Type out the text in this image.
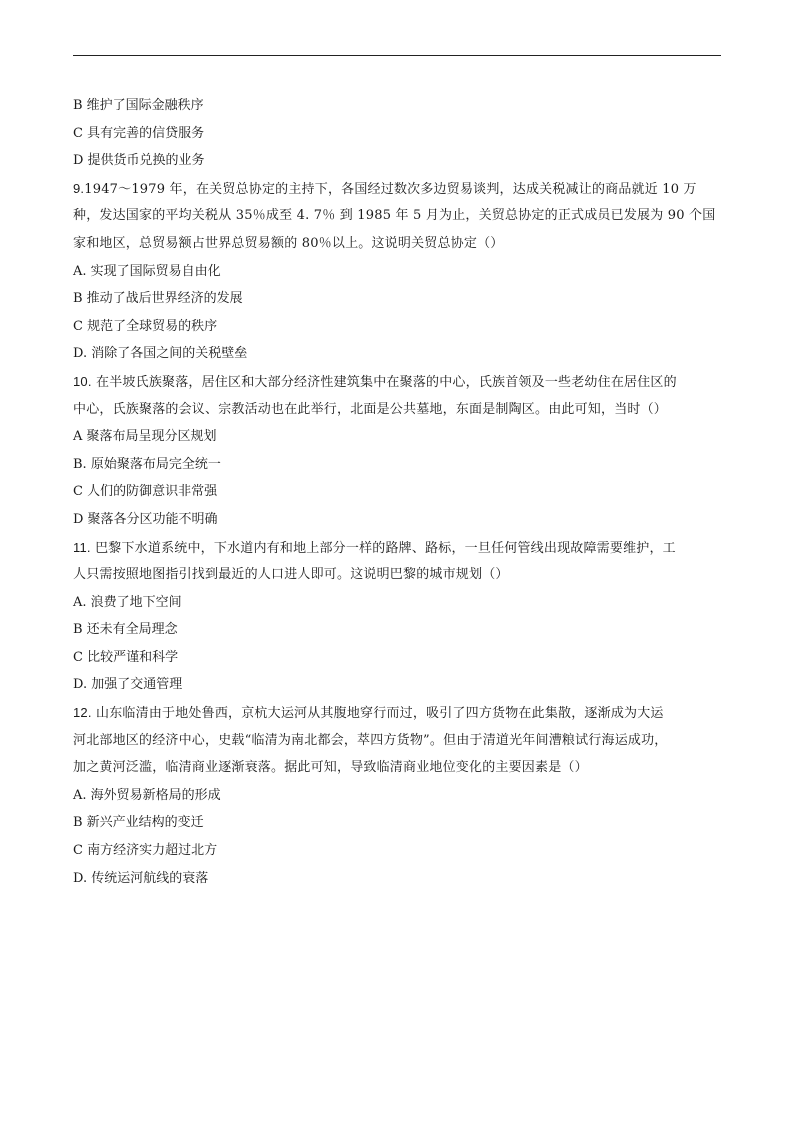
B 维护了国际金融秩序
C 具有完善的信贷服务
D 提供货币兑换的业务
9.1947～1979 年，在关贸总协定的主持下，各国经过数次多边贸易谈判，达成关税减让的商品就近 10 万
种，发达国家的平均关税从 35％成至 4. 7％ 到 1985 年 5 月为止，关贸总协定的正式成员已发展为 90 个国
家和地区，总贸易额占世界总贸易额的 80％以上。这说明关贸总协定（）
A. 实现了国际贸易自由化
B 推动了战后世界经济的发展
C 规范了全球贸易的秩序
D. 消除了各国之间的关税壁垒
10. 在半坡氏族聚落，居住区和大部分经济性建筑集中在聚落的中心，氏族首领及一些老幼住在居住区的
中心，氏族聚落的会议、宗教活动也在此举行，北面是公共墓地，东面是制陶区。由此可知，当时（）
A 聚落布局呈现分区规划
B. 原始聚落布局完全统一
C 人们的防御意识非常强
D 聚落各分区功能不明确
11. 巴黎下水道系统中，下水道内有和地上部分一样的路牌、路标，一旦任何管线出现故障需要维护，工
人只需按照地图指引找到最近的人口进人即可。这说明巴黎的城市规划（）
A. 浪费了地下空间
B 还未有全局理念
C 比较严谨和科学
D. 加强了交通管理
12. 山东临清由于地处鲁西，京杭大运河从其腹地穿行而过，吸引了四方货物在此集散，逐渐成为大运
河北部地区的经济中心，史载“临清为南北都会，萃四方货物”。但由于清道光年间漕粮试行海运成功，
加之黄河泛滥，临清商业逐渐衰落。据此可知，导致临清商业地位变化的主要因素是（）
A. 海外贸易新格局的形成
B 新兴产业结构的变迁
C 南方经济实力超过北方
D. 传统运河航线的衰落
